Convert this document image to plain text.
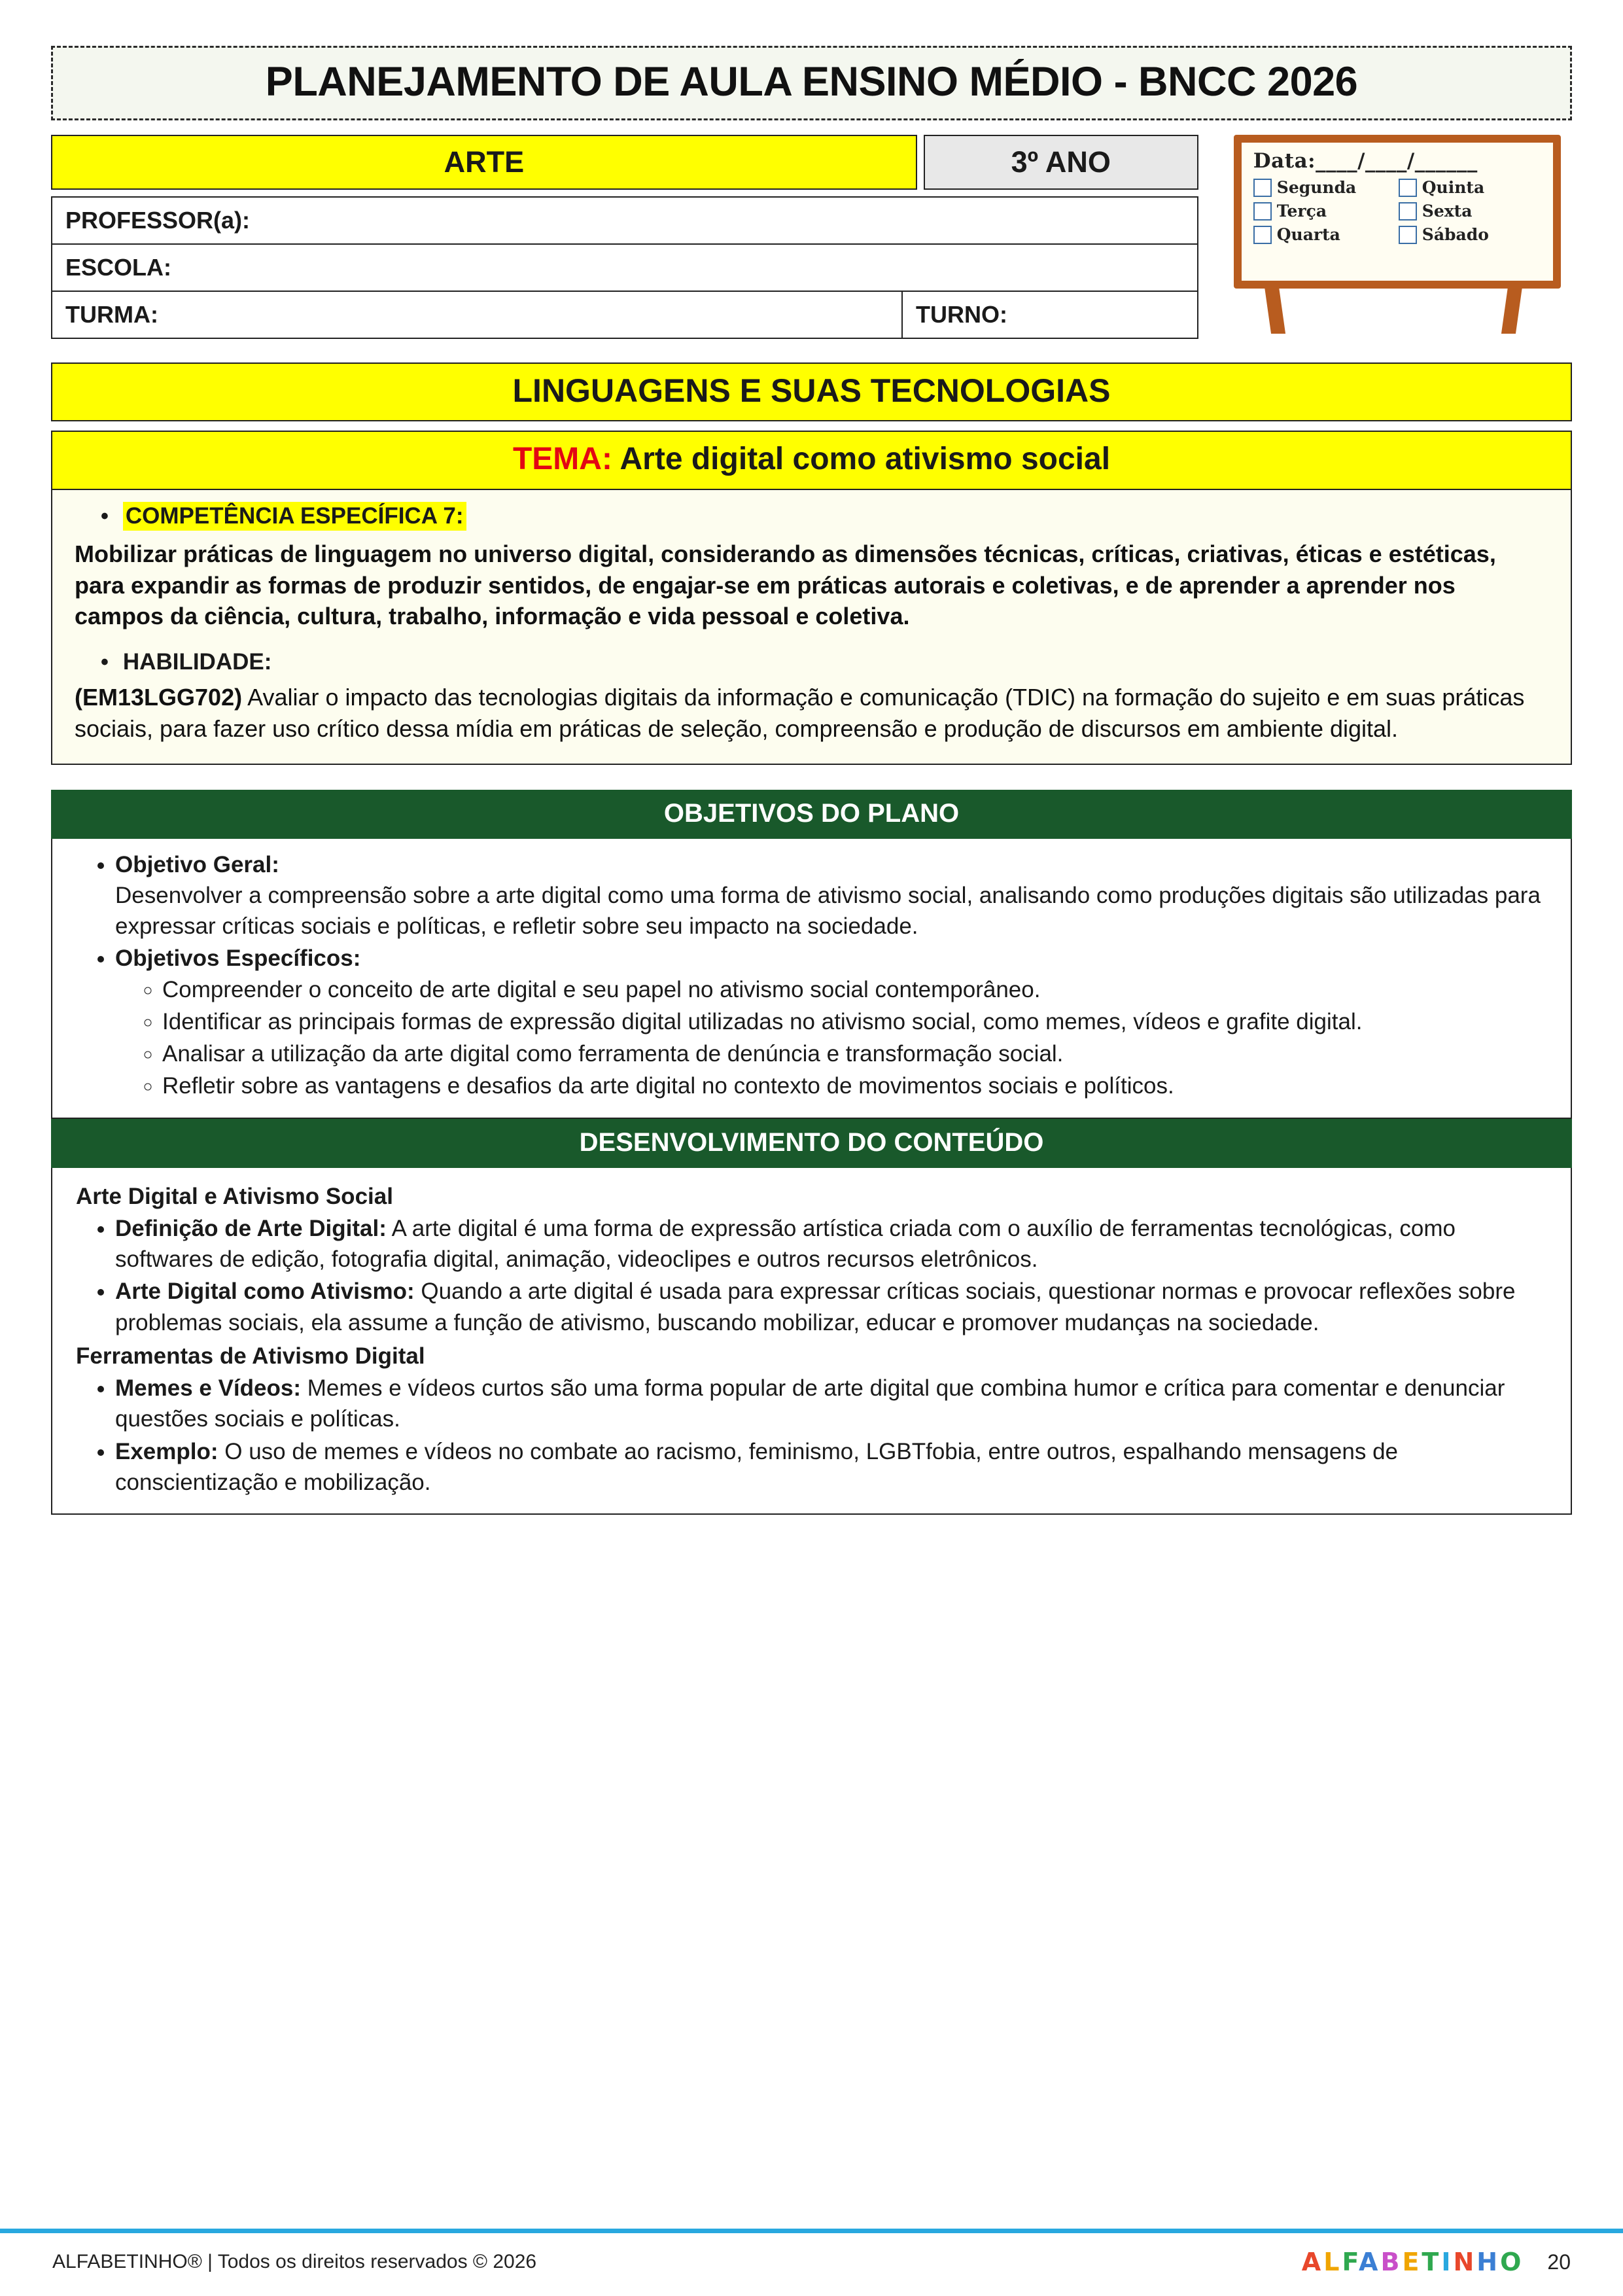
PLANEJAMENTO DE AULA ENSINO MÉDIO - BNCC 2026
ARTE	3º ANO
PROFESSOR(a):
ESCOLA:
TURMA:	TURNO:
Data:____/____/______
Segunda	Quinta
Terça	Sexta
Quarta	Sábado
LINGUAGENS E SUAS TECNOLOGIAS
TEMA: Arte digital como ativismo social
• COMPETÊNCIA ESPECÍFICA 7:
Mobilizar práticas de linguagem no universo digital, considerando as dimensões técnicas, críticas, criativas, éticas e estéticas, para expandir as formas de produzir sentidos, de engajar-se em práticas autorais e coletivas, e de aprender a aprender nos campos da ciência, cultura, trabalho, informação e vida pessoal e coletiva.
• HABILIDADE:
(EM13LGG702) Avaliar o impacto das tecnologias digitais da informação e comunicação (TDIC) na formação do sujeito e em suas práticas sociais, para fazer uso crítico dessa mídia em práticas de seleção, compreensão e produção de discursos em ambiente digital.
OBJETIVOS DO PLANO
• Objetivo Geral:
Desenvolver a compreensão sobre a arte digital como uma forma de ativismo social, analisando como produções digitais são utilizadas para expressar críticas sociais e políticas, e refletir sobre seu impacto na sociedade.
• Objetivos Específicos:
◦ Compreender o conceito de arte digital e seu papel no ativismo social contemporâneo.
◦ Identificar as principais formas de expressão digital utilizadas no ativismo social, como memes, vídeos e grafite digital.
◦ Analisar a utilização da arte digital como ferramenta de denúncia e transformação social.
◦ Refletir sobre as vantagens e desafios da arte digital no contexto de movimentos sociais e políticos.
DESENVOLVIMENTO DO CONTEÚDO
Arte Digital e Ativismo Social
• Definição de Arte Digital: A arte digital é uma forma de expressão artística criada com o auxílio de ferramentas tecnológicas, como softwares de edição, fotografia digital, animação, videoclipes e outros recursos eletrônicos.
• Arte Digital como Ativismo: Quando a arte digital é usada para expressar críticas sociais, questionar normas e provocar reflexões sobre problemas sociais, ela assume a função de ativismo, buscando mobilizar, educar e promover mudanças na sociedade.
Ferramentas de Ativismo Digital
• Memes e Vídeos: Memes e vídeos curtos são uma forma popular de arte digital que combina humor e crítica para comentar e denunciar questões sociais e políticas.
• Exemplo: O uso de memes e vídeos no combate ao racismo, feminismo, LGBTfobia, entre outros, espalhando mensagens de conscientização e mobilização.
ALFABETINHO® | Todos os direitos reservados © 2026	ALFABETINHO 20
